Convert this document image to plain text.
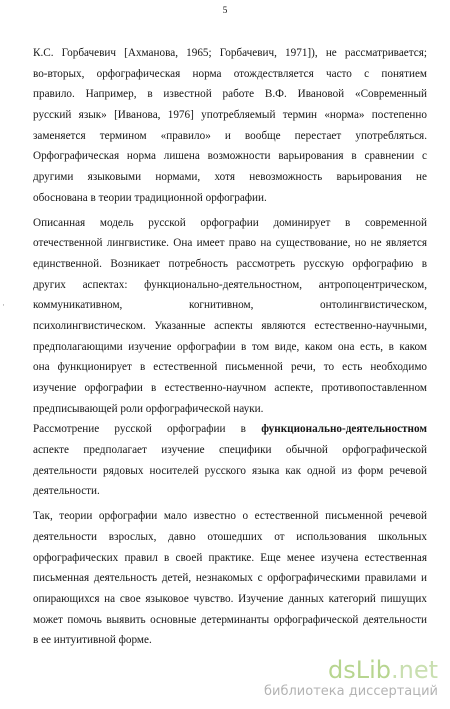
5
·
К.С. Горбачевич [Ахманова, 1965; Горбачевич, 1971]), не рассматривается;
во-вторых, орфографическая норма отождествляется часто с понятием
правило. Например, в известной работе В.Ф. Ивановой «Современный
русский язык» [Иванова, 1976] употребляемый термин «норма» постепенно
заменяется термином «правило» и вообще перестает употребляться.
Орфографическая норма лишена возможности варьирования в сравнении с
другими языковыми нормами, хотя невозможность варьирования не
обоснована в теории традиционной орфографии.
Описанная модель русской орфографии доминирует в современной
отечественной лингвистике. Она имеет право на существование, но не является
единственной. Возникает потребность рассмотреть русскую орфографию в
других аспектах: функционально-деятельностном, антропоцентрическом,
коммуникативном, когнитивном, онтолингвистическом,
психолингвистическом. Указанные аспекты являются естественно-научными,
предполагающими изучение орфографии в том виде, каком она есть, в каком
она функционирует в естественной письменной речи, то есть необходимо
изучение орфографии в естественно-научном аспекте, противопоставленном
предписывающей роли орфографической науки.
Рассмотрение русской орфографии в функционально-деятельностном
аспекте предполагает изучение специфики обычной орфографической
деятельности рядовых носителей русского языка как одной из форм речевой
деятельности.
Так, теории орфографии мало известно о естественной письменной речевой
деятельности взрослых, давно отошедших от использования школьных
орфографических правил в своей практике. Еще менее изучена естественная
письменная деятельность детей, незнакомых с орфографическими правилами и
опирающихся на свое языковое чувство. Изучение данных категорий пишущих
может помочь выявить основные детерминанты орфографической деятельности
в ее интуитивной форме.
dsLib.net
библиотека диссертаций
